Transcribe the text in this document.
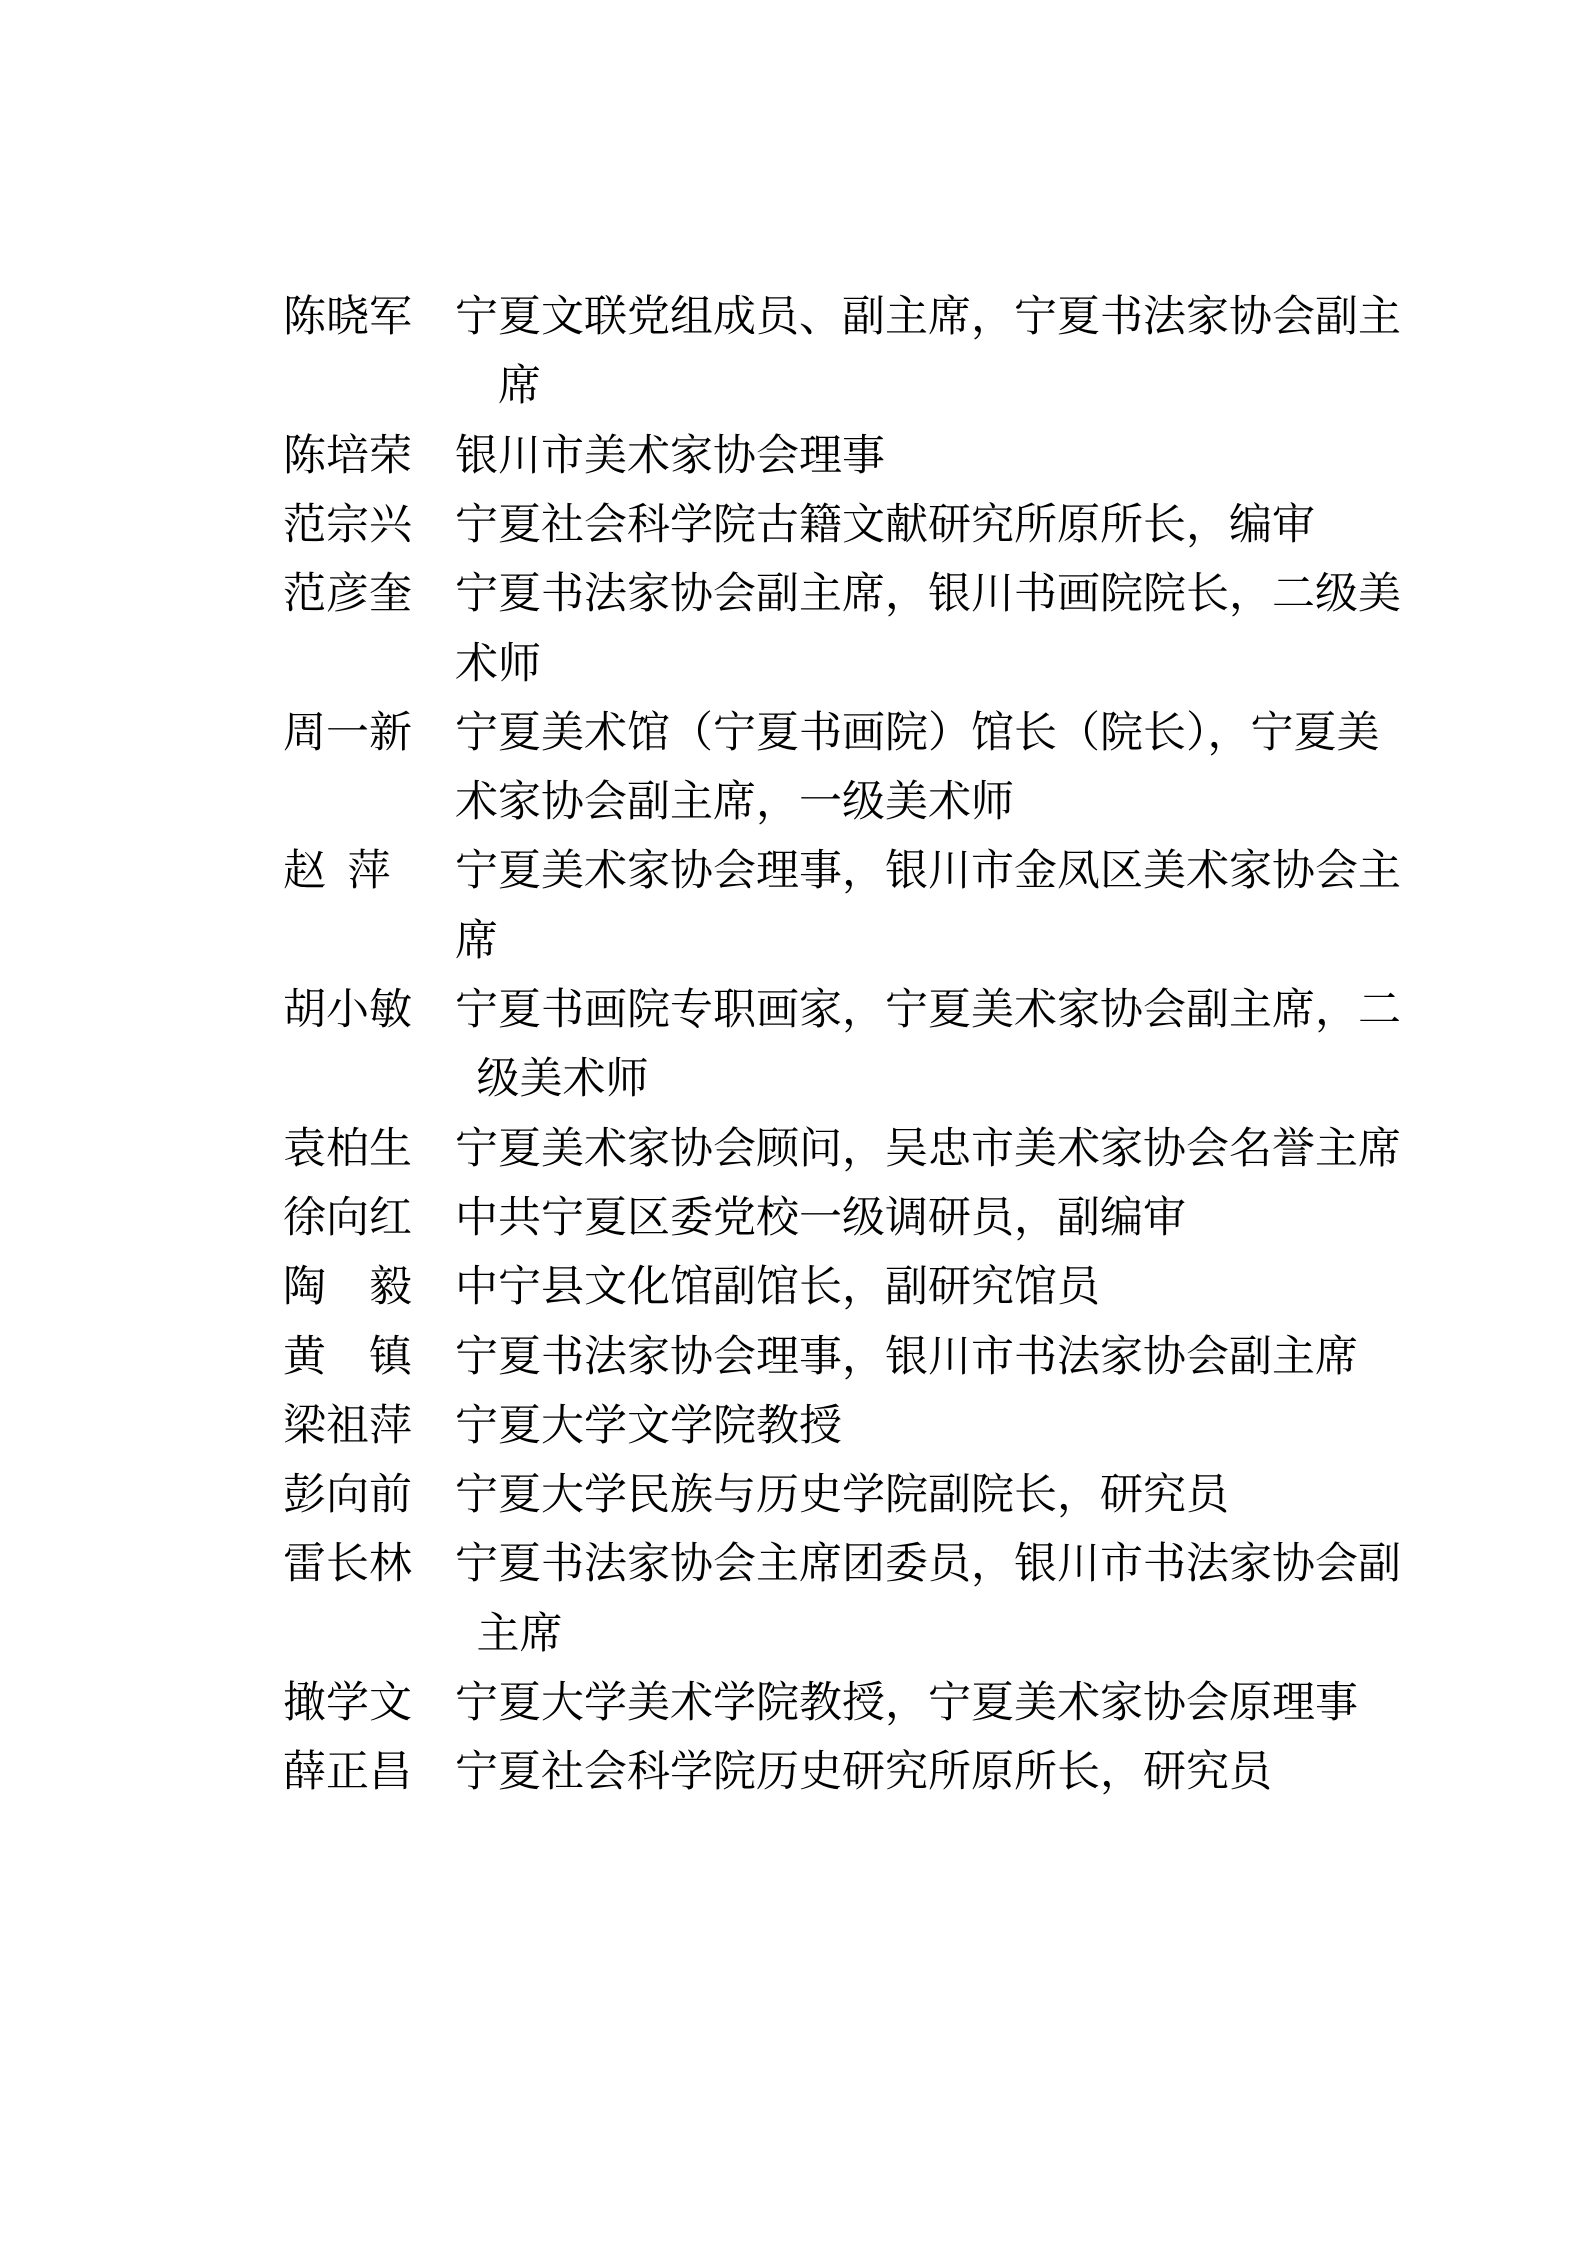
陈晓军 宁夏文联党组成员、副主席，宁夏书法家协会副主
　席
陈培荣 银川市美术家协会理事
范宗兴 宁夏社会科学院古籍文献研究所原所长，编审
范彦奎 宁夏书法家协会副主席，银川书画院院长，二级美
术师
周一新 宁夏美术馆（宁夏书画院）馆长（院长），宁夏美
术家协会副主席，一级美术师
赵 萍 宁夏美术家协会理事，银川市金凤区美术家协会主
席
胡小敏 宁夏书画院专职画家，宁夏美术家协会副主席，二
 级美术师
袁柏生 宁夏美术家协会顾问，吴忠市美术家协会名誉主席
徐向红 中共宁夏区委党校一级调研员，副编审
陶　毅 中宁县文化馆副馆长，副研究馆员
黄　镇 宁夏书法家协会理事，银川市书法家协会副主席
梁祖萍 宁夏大学文学院教授
彭向前 宁夏大学民族与历史学院副院长，研究员
雷长林 宁夏书法家协会主席团委员，银川市书法家协会副
 主席
撖学文 宁夏大学美术学院教授，宁夏美术家协会原理事
薛正昌 宁夏社会科学院历史研究所原所长，研究员
